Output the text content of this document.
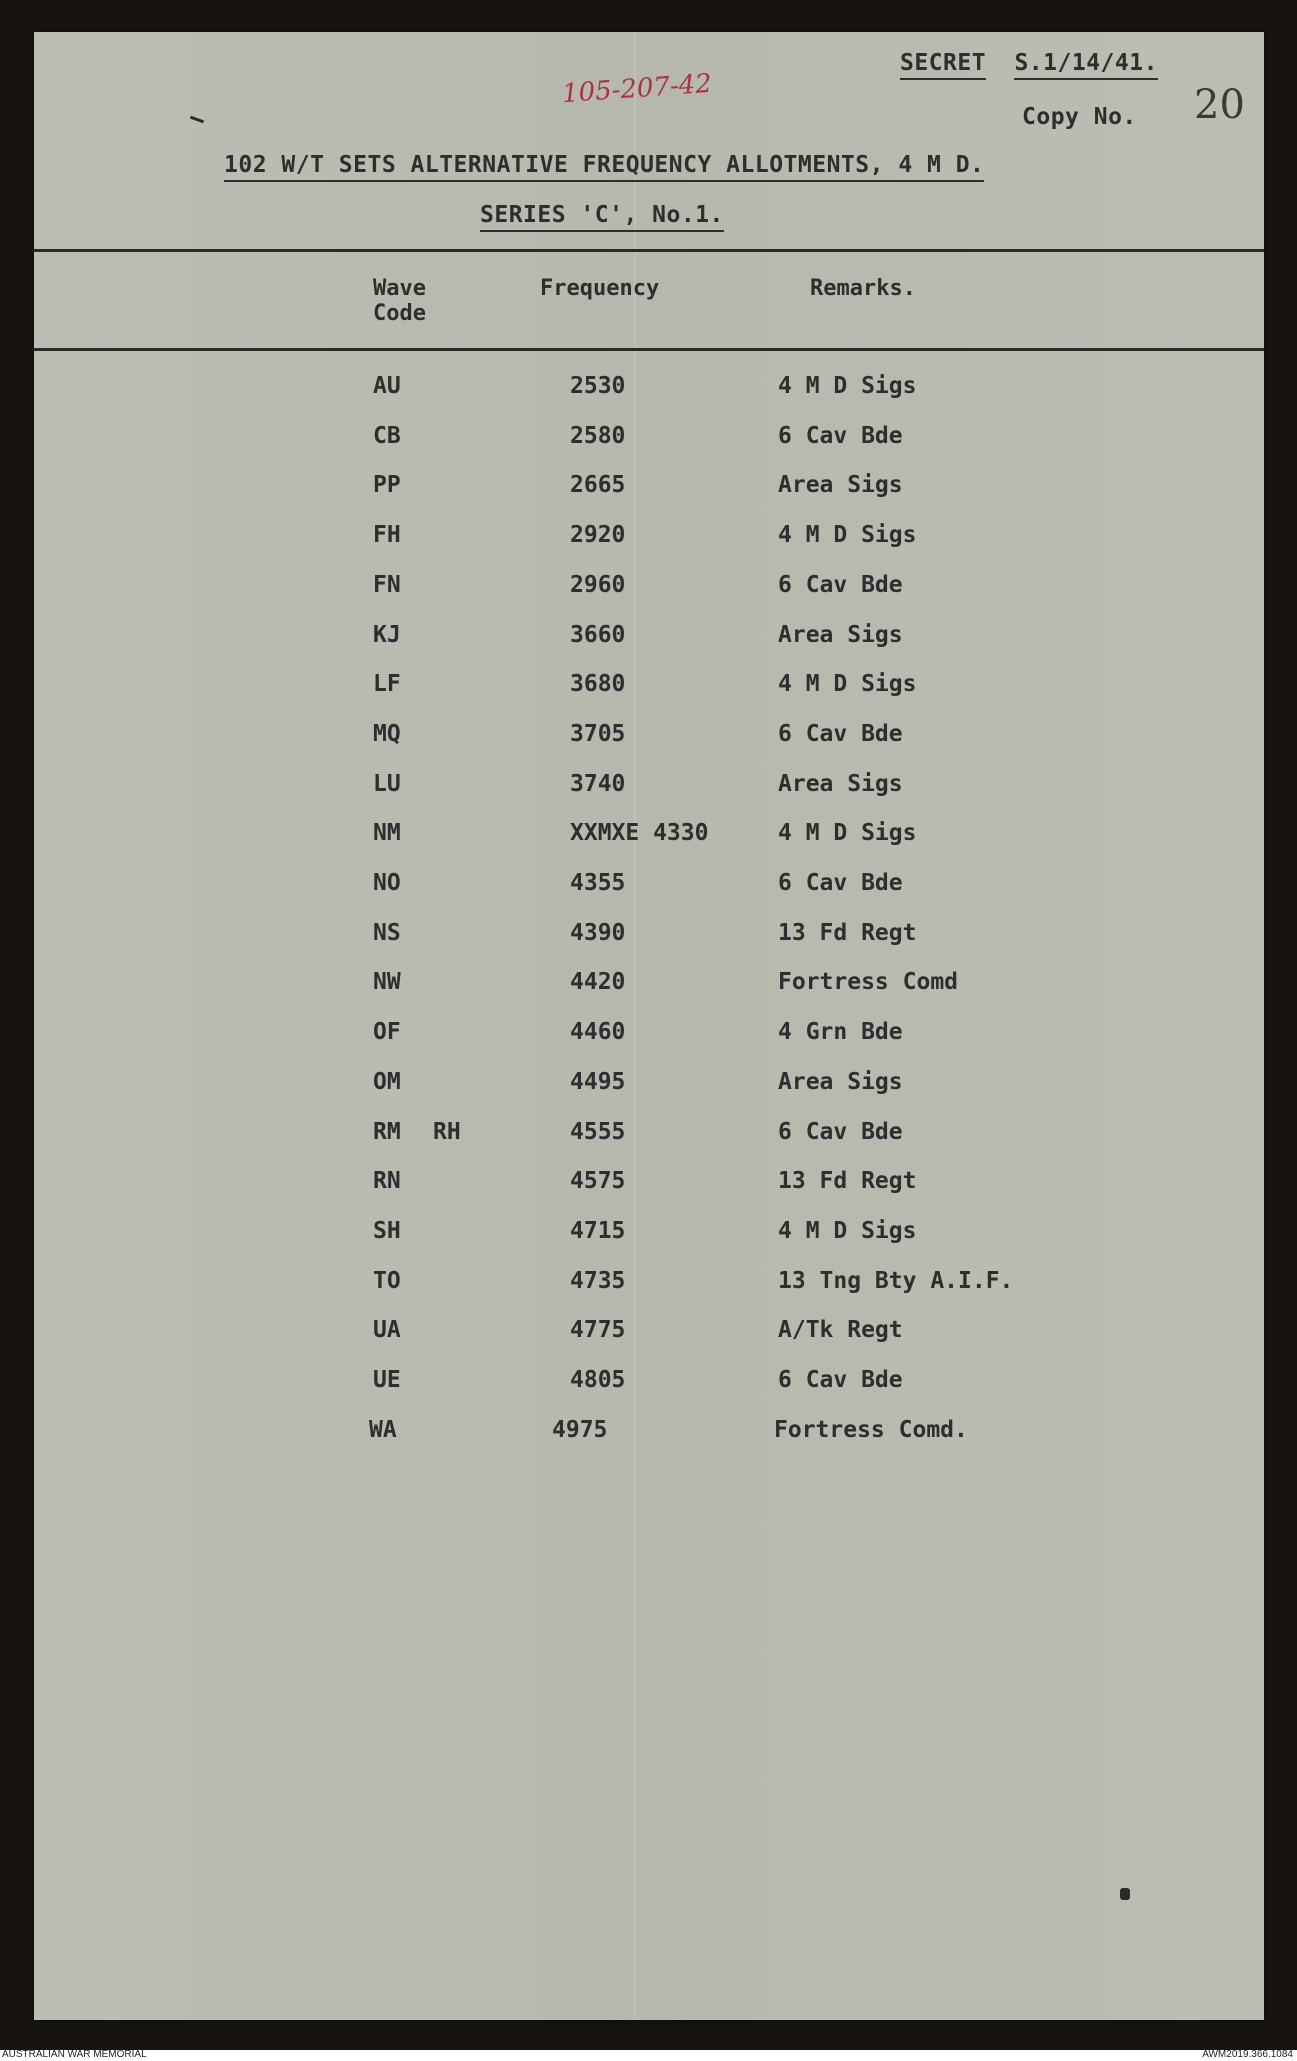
SECRET S.1/14/41.
105-207-42
Copy No. 20
102 W/T SETS ALTERNATIVE FREQUENCY ALLOTMENTS, 4 M D.
SERIES 'C', No.1.
Wave
Code
Frequency	Remarks.
AU	2530	4 M D Sigs
CB	2580	6 Cav Bde
PP	2665	Area Sigs
FH	2920	4 M D Sigs
FN	2960	6 Cav Bde
KJ	3660	Area Sigs
LF	3680	4 M D Sigs
MQ	3705	6 Cav Bde
LU	3740	Area Sigs
NM	XXMXE 4330	4 M D Sigs
NO	4355	6 Cav Bde
NS	4390	13 Fd Regt
NW	4420	Fortress Comd
OF	4460	4 Grn Bde
OM	4495	Area Sigs
RM RH	4555	6 Cav Bde
RN	4575	13 Fd Regt
SH	4715	4 M D Sigs
TO	4735	13 Tng Bty A.I.F.
UA	4775	A/Tk Regt
UE	4805	6 Cav Bde
WA	4975	Fortress Comd.
AUSTRALIAN WAR MEMORIAL	AWM2019.366.1084
